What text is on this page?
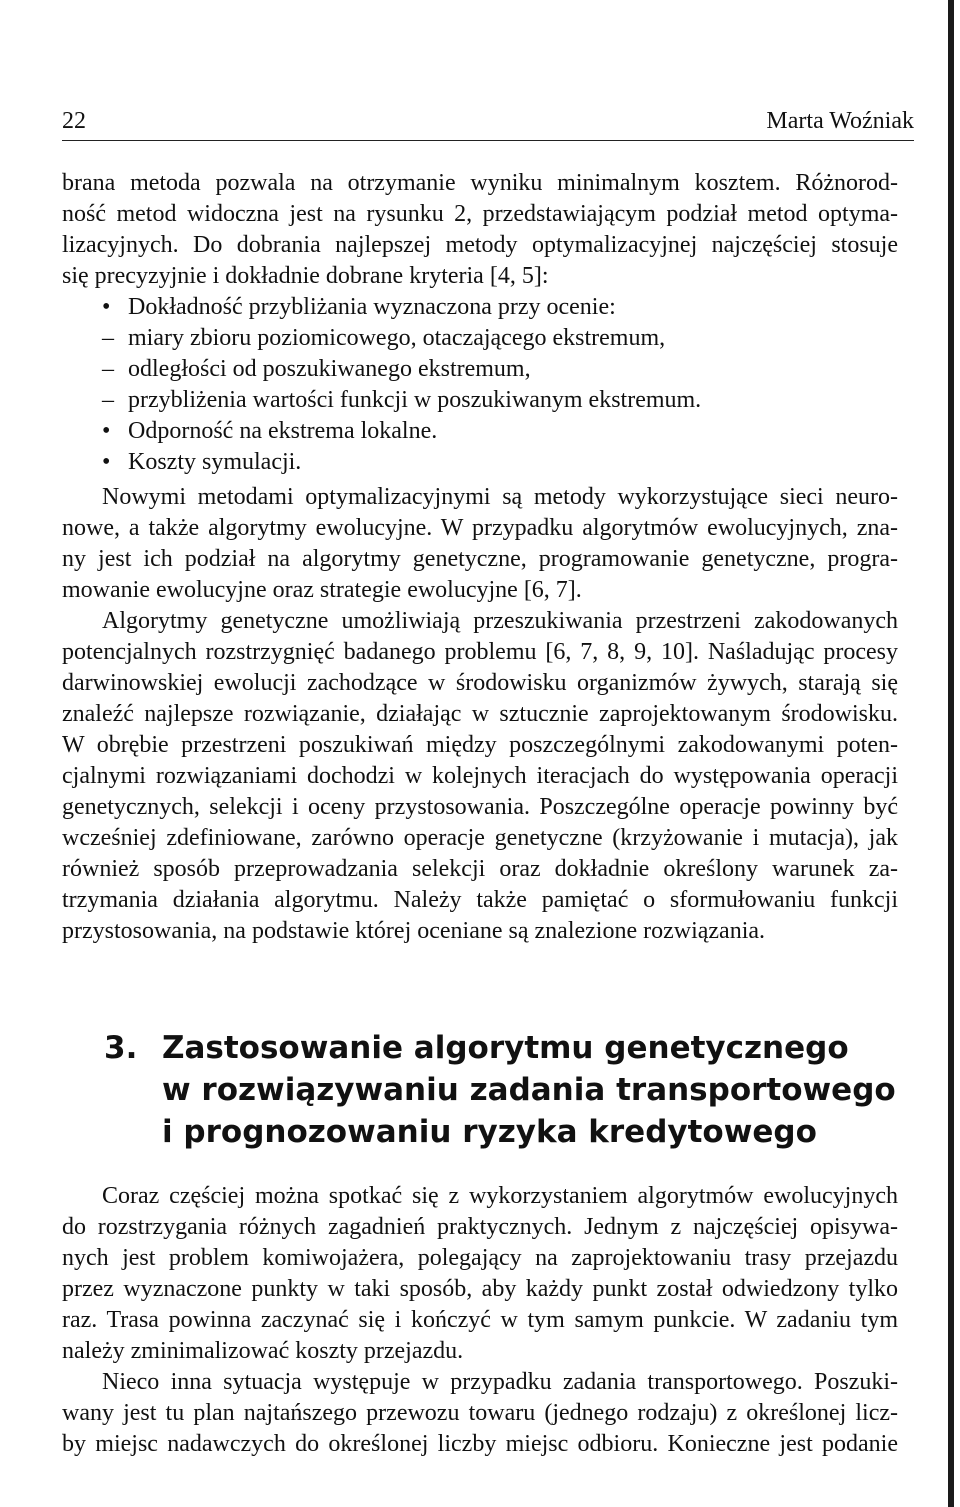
22	Marta Woźniak
brana metoda pozwala na otrzymanie wyniku minimalnym kosztem. Różnorod-
ność metod widoczna jest na rysunku 2, przedstawiającym podział metod optyma-
lizacyjnych. Do dobrania najlepszej metody optymalizacyjnej najczęściej stosuje
się precyzyjnie i dokładnie dobrane kryteria [4, 5]:
• Dokładność przybliżania wyznaczona przy ocenie:
– miary zbioru poziomicowego, otaczającego ekstremum,
– odległości od poszukiwanego ekstremum,
– przybliżenia wartości funkcji w poszukiwanym ekstremum.
• Odporność na ekstrema lokalne.
• Koszty symulacji.
Nowymi metodami optymalizacyjnymi są metody wykorzystujące sieci neuro-
nowe, a także algorytmy ewolucyjne. W przypadku algorytmów ewolucyjnych, zna-
ny jest ich podział na algorytmy genetyczne, programowanie genetyczne, progra-
mowanie ewolucyjne oraz strategie ewolucyjne [6, 7].
Algorytmy genetyczne umożliwiają przeszukiwania przestrzeni zakodowanych
potencjalnych rozstrzygnięć badanego problemu [6, 7, 8, 9, 10]. Naśladując procesy
darwinowskiej ewolucji zachodzące w środowisku organizmów żywych, starają się
znaleźć najlepsze rozwiązanie, działając w sztucznie zaprojektowanym środowisku.
W obrębie przestrzeni poszukiwań między poszczególnymi zakodowanymi poten-
cjalnymi rozwiązaniami dochodzi w kolejnych iteracjach do występowania operacji
genetycznych, selekcji i oceny przystosowania. Poszczególne operacje powinny być
wcześniej zdefiniowane, zarówno operacje genetyczne (krzyżowanie i mutacja), jak
również sposób przeprowadzania selekcji oraz dokładnie określony warunek za-
trzymania działania algorytmu. Należy także pamiętać o sformułowaniu funkcji
przystosowania, na podstawie której oceniane są znalezione rozwiązania.
3. Zastosowanie algorytmu genetycznego
w rozwiązywaniu zadania transportowego
i prognozowaniu ryzyka kredytowego
Coraz częściej można spotkać się z wykorzystaniem algorytmów ewolucyjnych
do rozstrzygania różnych zagadnień praktycznych. Jednym z najczęściej opisywa-
nych jest problem komiwojażera, polegający na zaprojektowaniu trasy przejazdu
przez wyznaczone punkty w taki sposób, aby każdy punkt został odwiedzony tylko
raz. Trasa powinna zaczynać się i kończyć w tym samym punkcie. W zadaniu tym
należy zminimalizować koszty przejazdu.
Nieco inna sytuacja występuje w przypadku zadania transportowego. Poszuki-
wany jest tu plan najtańszego przewozu towaru (jednego rodzaju) z określonej licz-
by miejsc nadawczych do określonej liczby miejsc odbioru. Konieczne jest podanie
